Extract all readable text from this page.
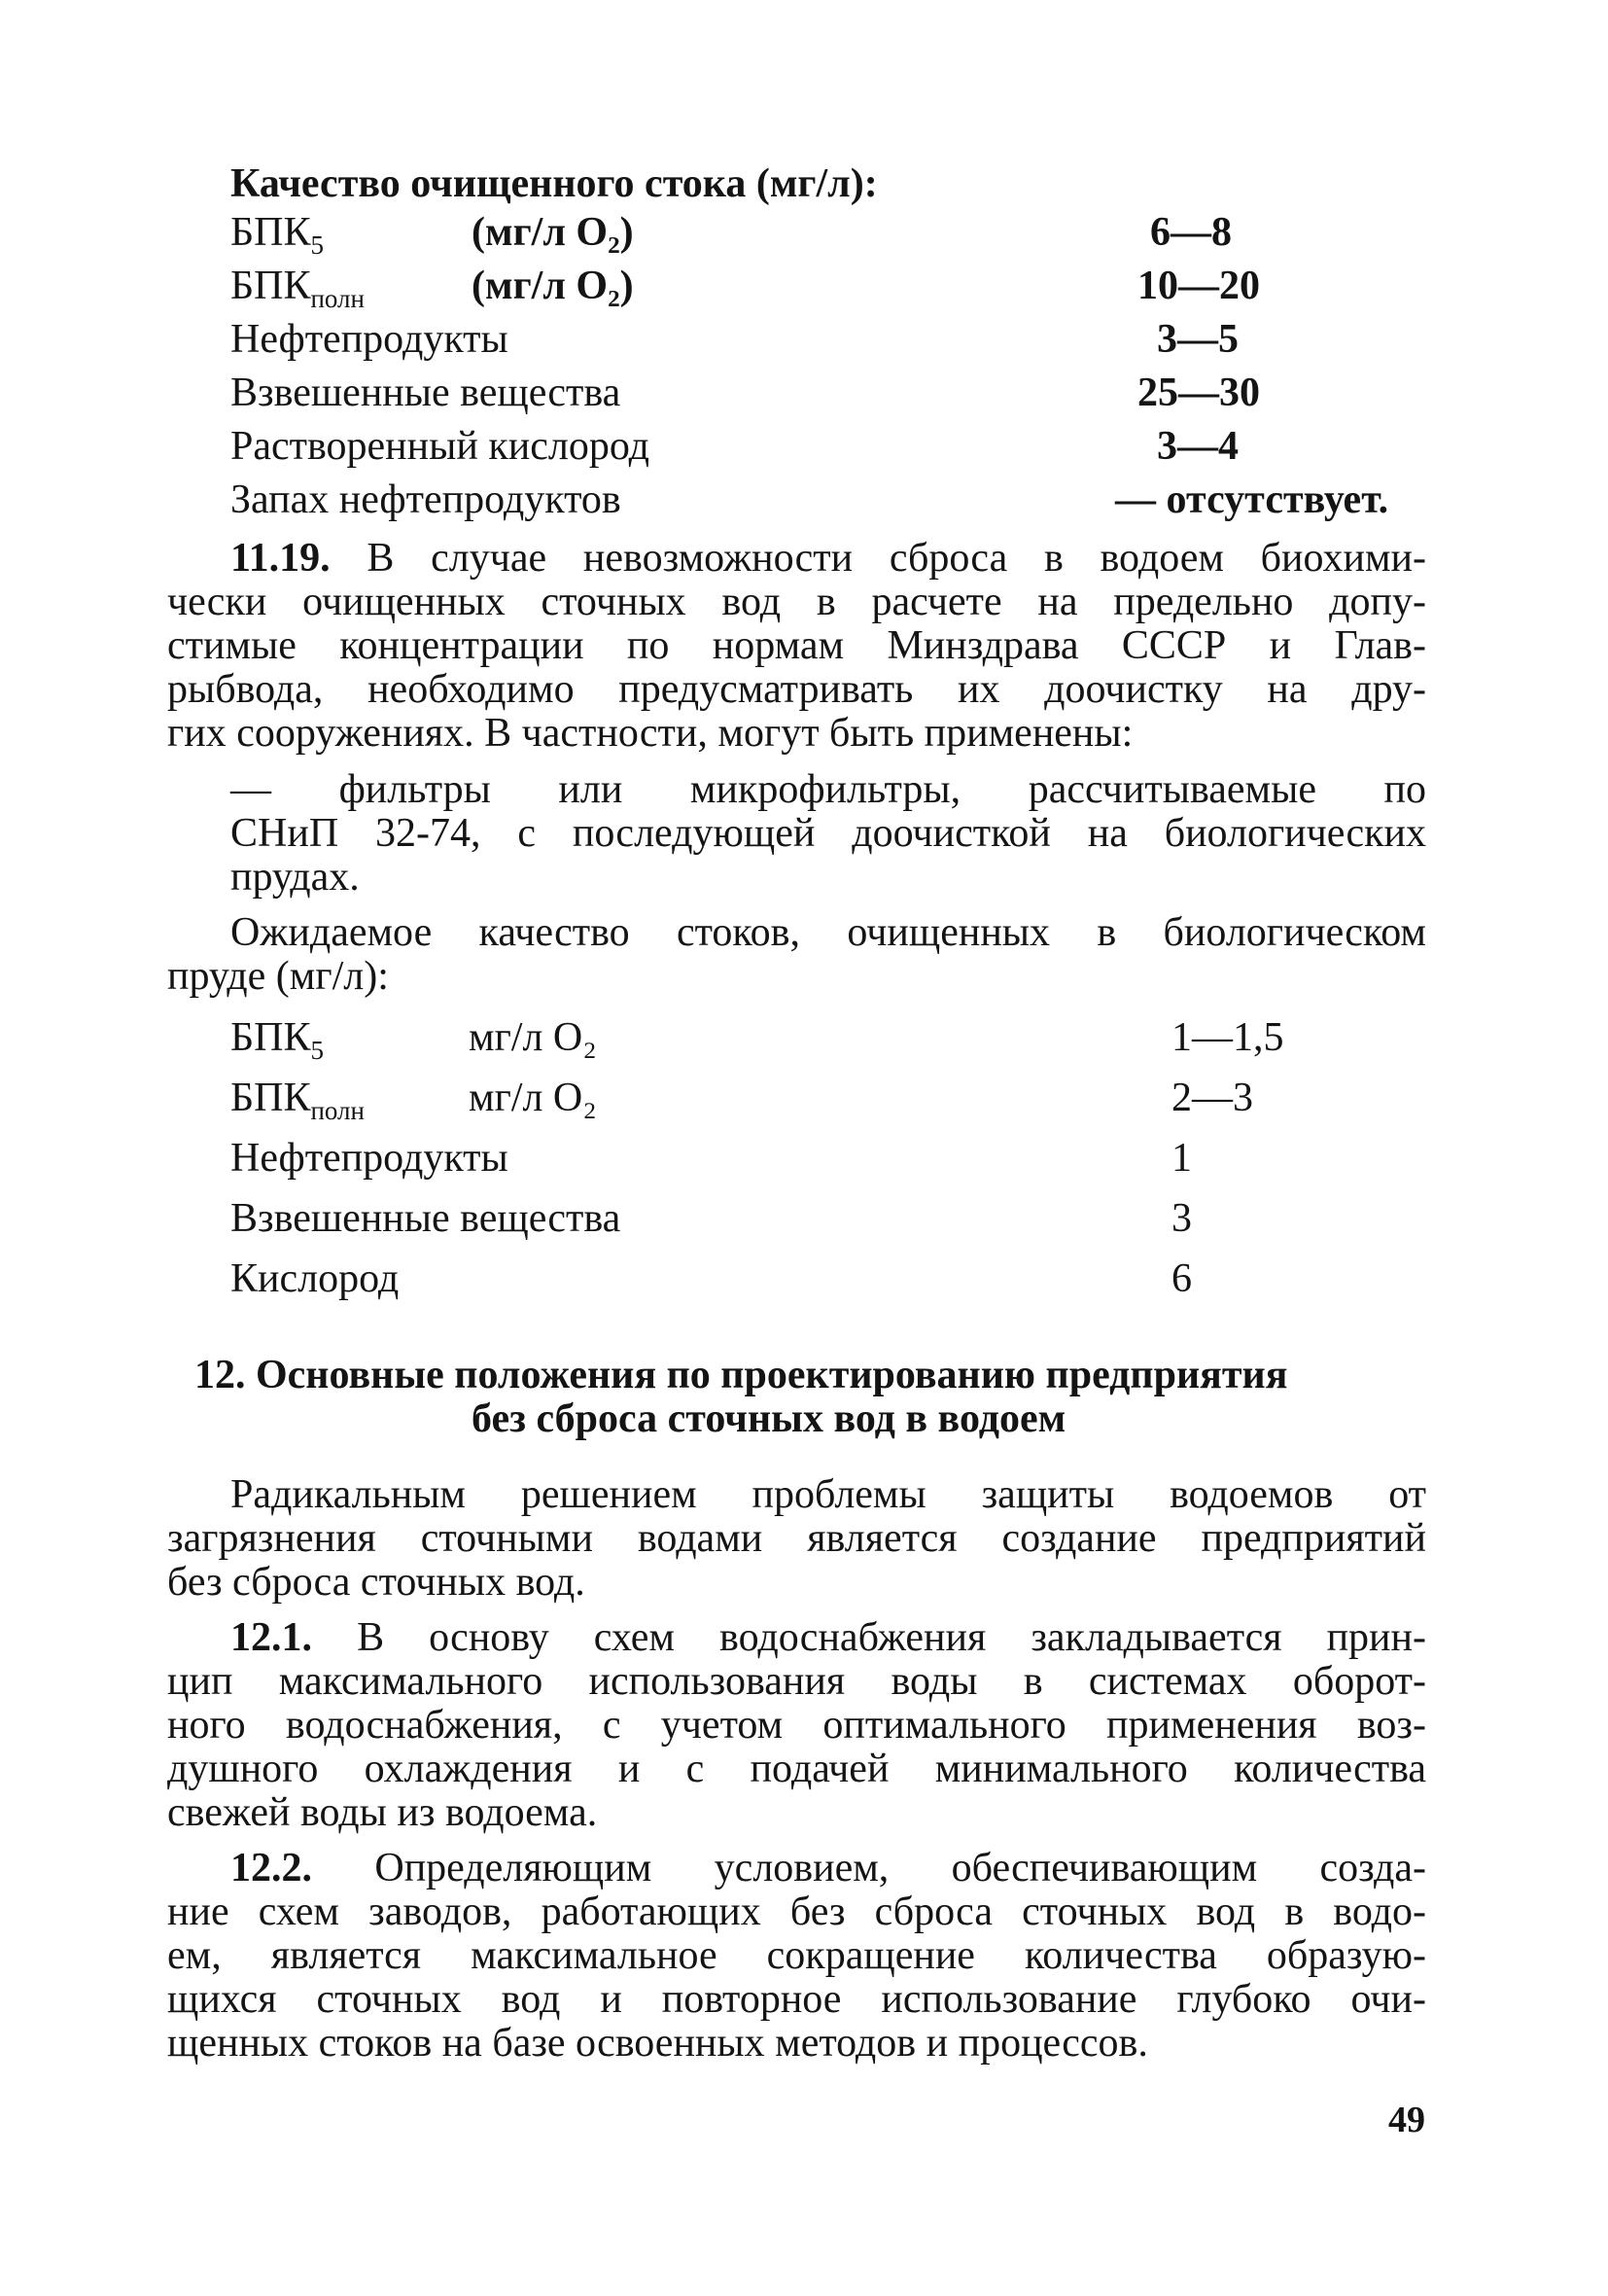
Качество очищенного стока (мг/л):
$БПК_5$	(мг/л O₂)	6—8
$БПК_{полн}$	(мг/л O₂)	10—20
Нефтепродукты	3—5
Взвешенные вещества	25—30
Растворенный кислород	3—4
Запах нефтепродуктов	— отсутствует.
11.19. В случае невозможности сброса в водоем биохими-
чески очищенных сточных вод в расчете на предельно допу-
стимые концентрации по нормам Минздрава СССР и Глав-
рыбвода, необходимо предусматривать их доочистку на дру-
гих сооружениях. В частности, могут быть применены:
— фильтры или микрофильтры, рассчитываемые по
СНиП 32-74, с последующей доочисткой на биологических
прудах.
Ожидаемое качество стоков, очищенных в биологическом
пруде (мг/л):
$БПК_5$	мг/л O₂	1—1,5
$БПК_{полн}$	мг/л O₂	2—3
Нефтепродукты	1
Взвешенные вещества	3
Кислород	6
12. Основные положения по проектированию предприятия
без сброса сточных вод в водоем
Радикальным решением проблемы защиты водоемов от
загрязнения сточными водами является создание предприятий
без сброса сточных вод.
12.1. В основу схем водоснабжения закладывается прин-
цип максимального использования воды в системах оборот-
ного водоснабжения, с учетом оптимального применения воз-
душного охлаждения и с подачей минимального количества
свежей воды из водоема.
12.2. Определяющим условием, обеспечивающим созда-
ние схем заводов, работающих без сброса сточных вод в водо-
ем, является максимальное сокращение количества образую-
щихся сточных вод и повторное использование глубоко очи-
щенных стоков на базе освоенных методов и процессов.
49
